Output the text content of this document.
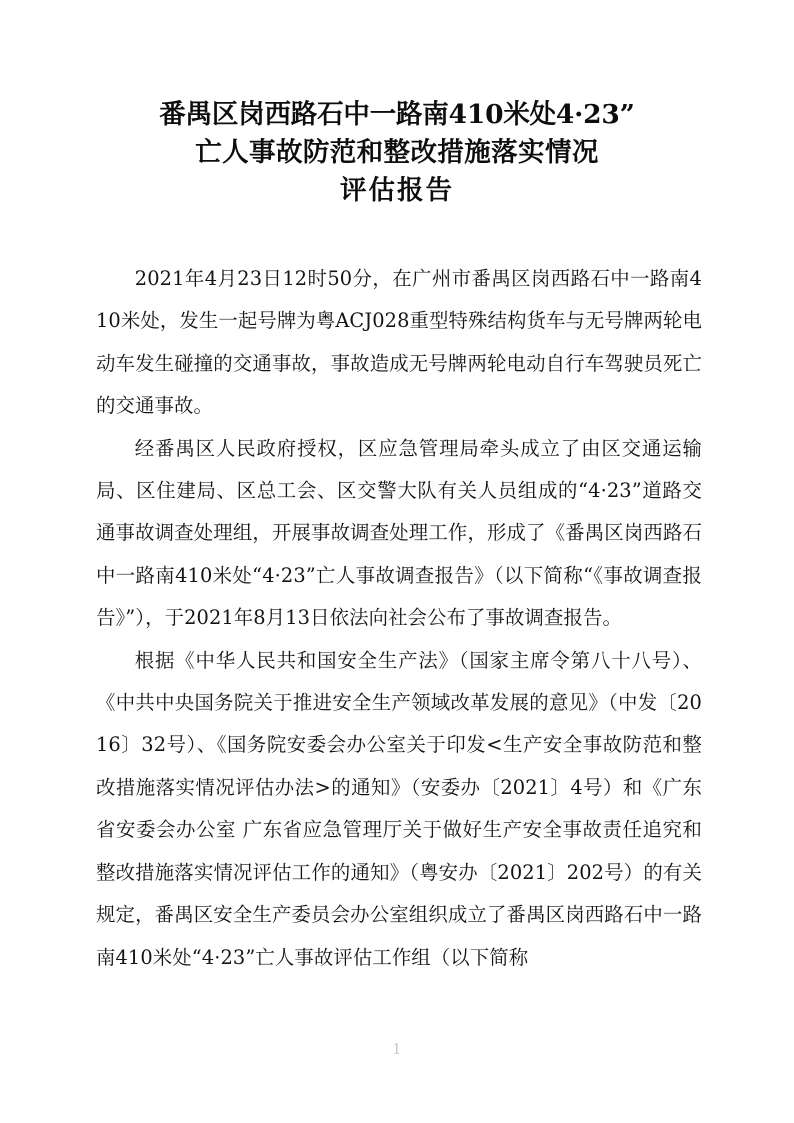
番禺区岗西路石中一路南410米处4·23”
亡人事故防范和整改措施落实情况
评估报告

2021年4月23日12时50分，在广州市番禺区岗西路石中一路南410米处，发生一起号牌为粤ACJ028重型特殊结构货车与无号牌两轮电动车发生碰撞的交通事故，事故造成无号牌两轮电动自行车驾驶员死亡的交通事故。

经番禺区人民政府授权，区应急管理局牵头成立了由区交通运输局、区住建局、区总工会、区交警大队有关人员组成的“4·23”道路交通事故调查处理组，开展事故调查处理工作，形成了《番禺区岗西路石中一路南410米处“4·23”亡人事故调查报告》（以下简称“《事故调查报告》”），于2021年8月13日依法向社会公布了事故调查报告。

根据《中华人民共和国安全生产法》（国家主席令第八十八号）、《中共中央国务院关于推进安全生产领域改革发展的意见》（中发〔2016〕32号）、《国务院安委会办公室关于印发<生产安全事故防范和整改措施落实情况评估办法>的通知》（安委办〔2021〕4号）和《广东省安委会办公室 广东省应急管理厅关于做好生产安全事故责任追究和整改措施落实情况评估工作的通知》（粤安办〔2021〕202号）的有关规定，番禺区安全生产委员会办公室组织成立了番禺区岗西路石中一路南410米处“4·23”亡人事故评估工作组（以下简称

1
